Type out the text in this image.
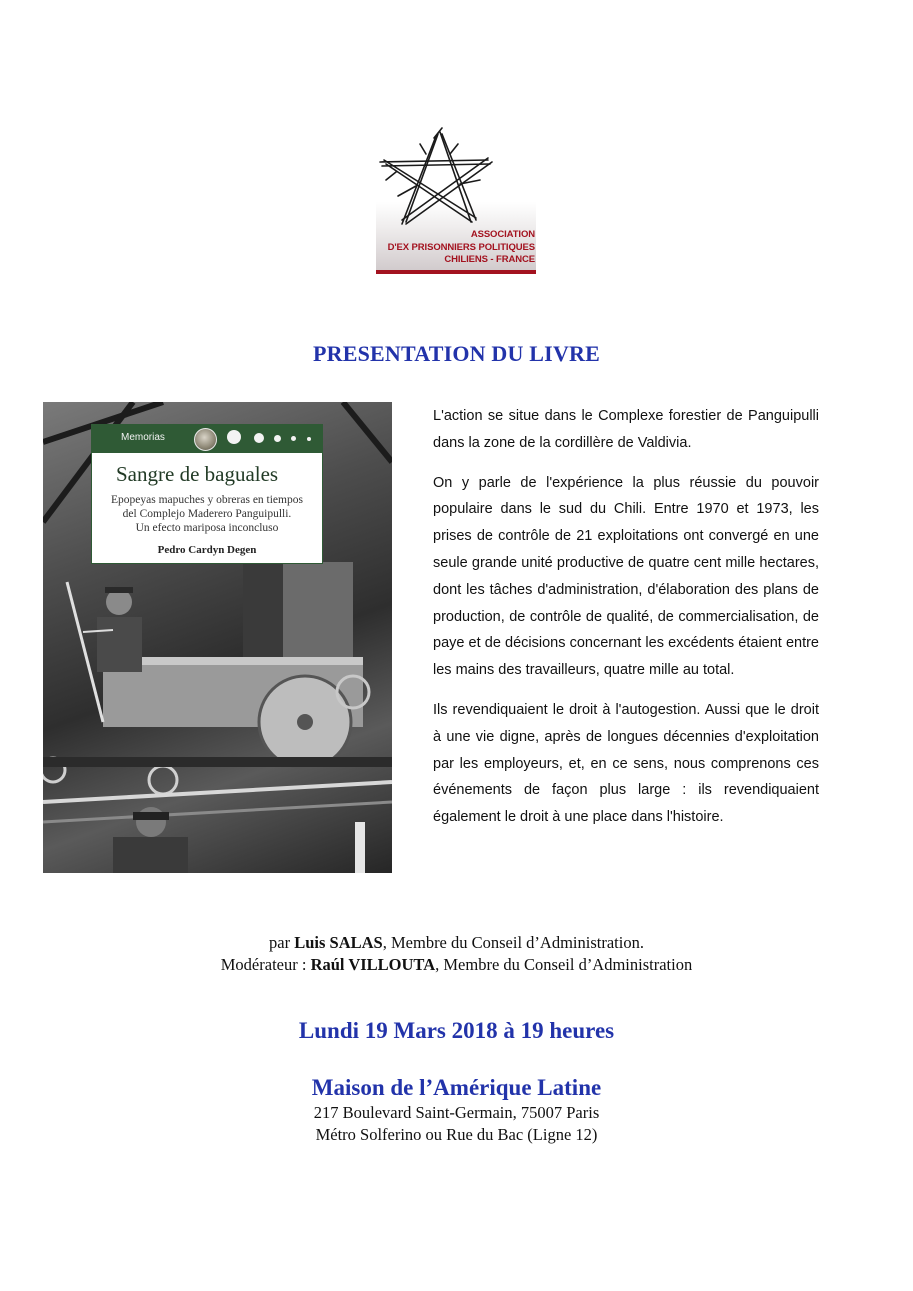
ASSOCIATION
D'EX PRISONNIERS POLITIQUES
CHILIENS - FRANCE
PRESENTATION DU LIVRE
Memorias
Sangre de baguales
Epopeyas mapuches y obreras en tiempos
del Complejo Maderero Panguipulli.
Un efecto mariposa inconcluso
Pedro Cardyn Degen

L'action se situe dans le Complexe forestier de Panguipulli dans la zone de la cordillère de Valdivia.

On y parle de l'expérience la plus réussie du pouvoir populaire dans le sud du Chili. Entre 1970 et 1973, les prises de contrôle de 21 exploitations ont convergé en une seule grande unité productive de quatre cent mille hectares, dont les tâches d'administration, d'élaboration des plans de production, de contrôle de qualité, de commercialisation, de paye et de décisions concernant les excédents étaient entre les mains des travailleurs, quatre mille au total.

Ils revendiquaient le droit à l'autogestion. Aussi que le droit à une vie digne, après de longues décennies d'exploitation par les employeurs, et, en ce sens, nous comprenons ces événements de façon plus large : ils revendiquaient également le droit à une place dans l'histoire.

par Luis SALAS, Membre du Conseil d’Administration.
Modérateur : Raúl VILLOUTA, Membre du Conseil d’Administration
Lundi 19 Mars 2018 à 19 heures
Maison de l’Amérique Latine
217 Boulevard Saint-Germain, 75007 Paris
Métro Solferino ou Rue du Bac (Ligne 12)
